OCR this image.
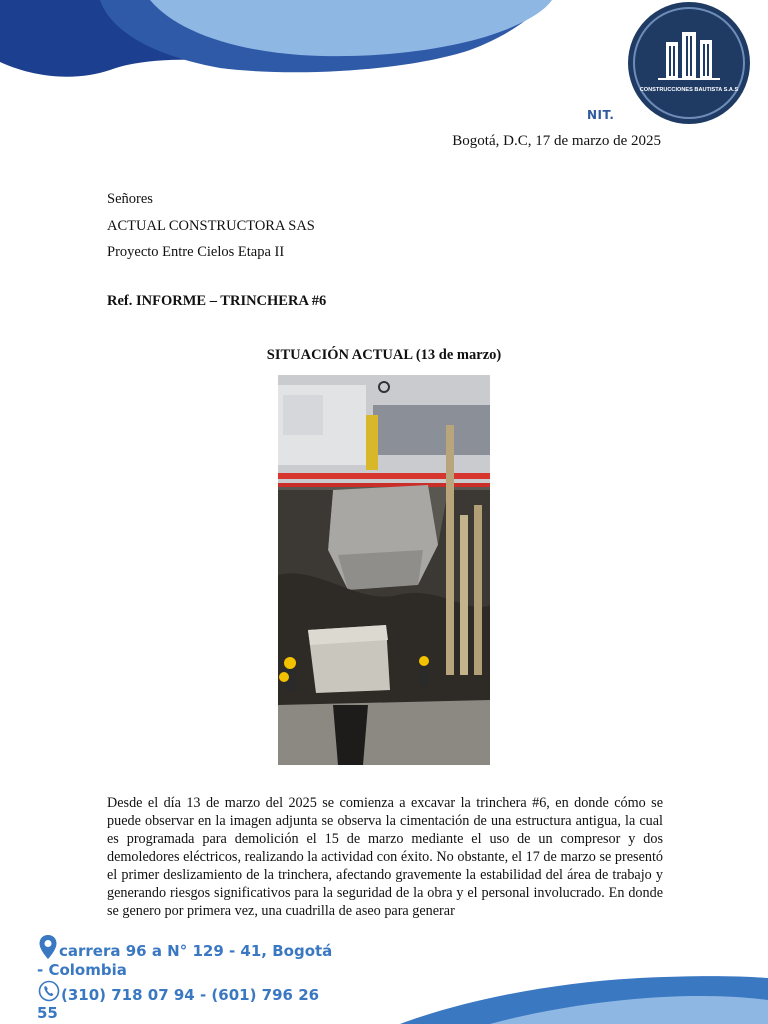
CONSTRUCCIONES BAUTISTA S.A.S
NIT.
Bogotá, D.C, 17 de marzo de 2025
Señores
ACTUAL CONSTRUCTORA SAS
Proyecto Entre Cielos Etapa II
Ref. INFORME – TRINCHERA #6
SITUACIÓN ACTUAL (13 de marzo)
Desde el día 13 de marzo del 2025 se comienza a excavar la trinchera #6, en donde cómo se puede observar en la imagen adjunta se observa la cimentación de una estructura antigua, la cual es programada para demolición el 15 de marzo mediante el uso de un compresor y dos demoledores eléctricos, realizando la actividad con éxito. No obstante, el 17 de marzo se presentó el primer deslizamiento de la trinchera, afectando gravemente la estabilidad del área de trabajo y generando riesgos significativos para la seguridad de la obra y el personal involucrado. En donde se genero por primera vez, una cuadrilla de aseo para generar
carrera 96 a N° 129 - 41, Bogotá
- Colombia
(310) 718 07 94 - (601) 796 26
55
